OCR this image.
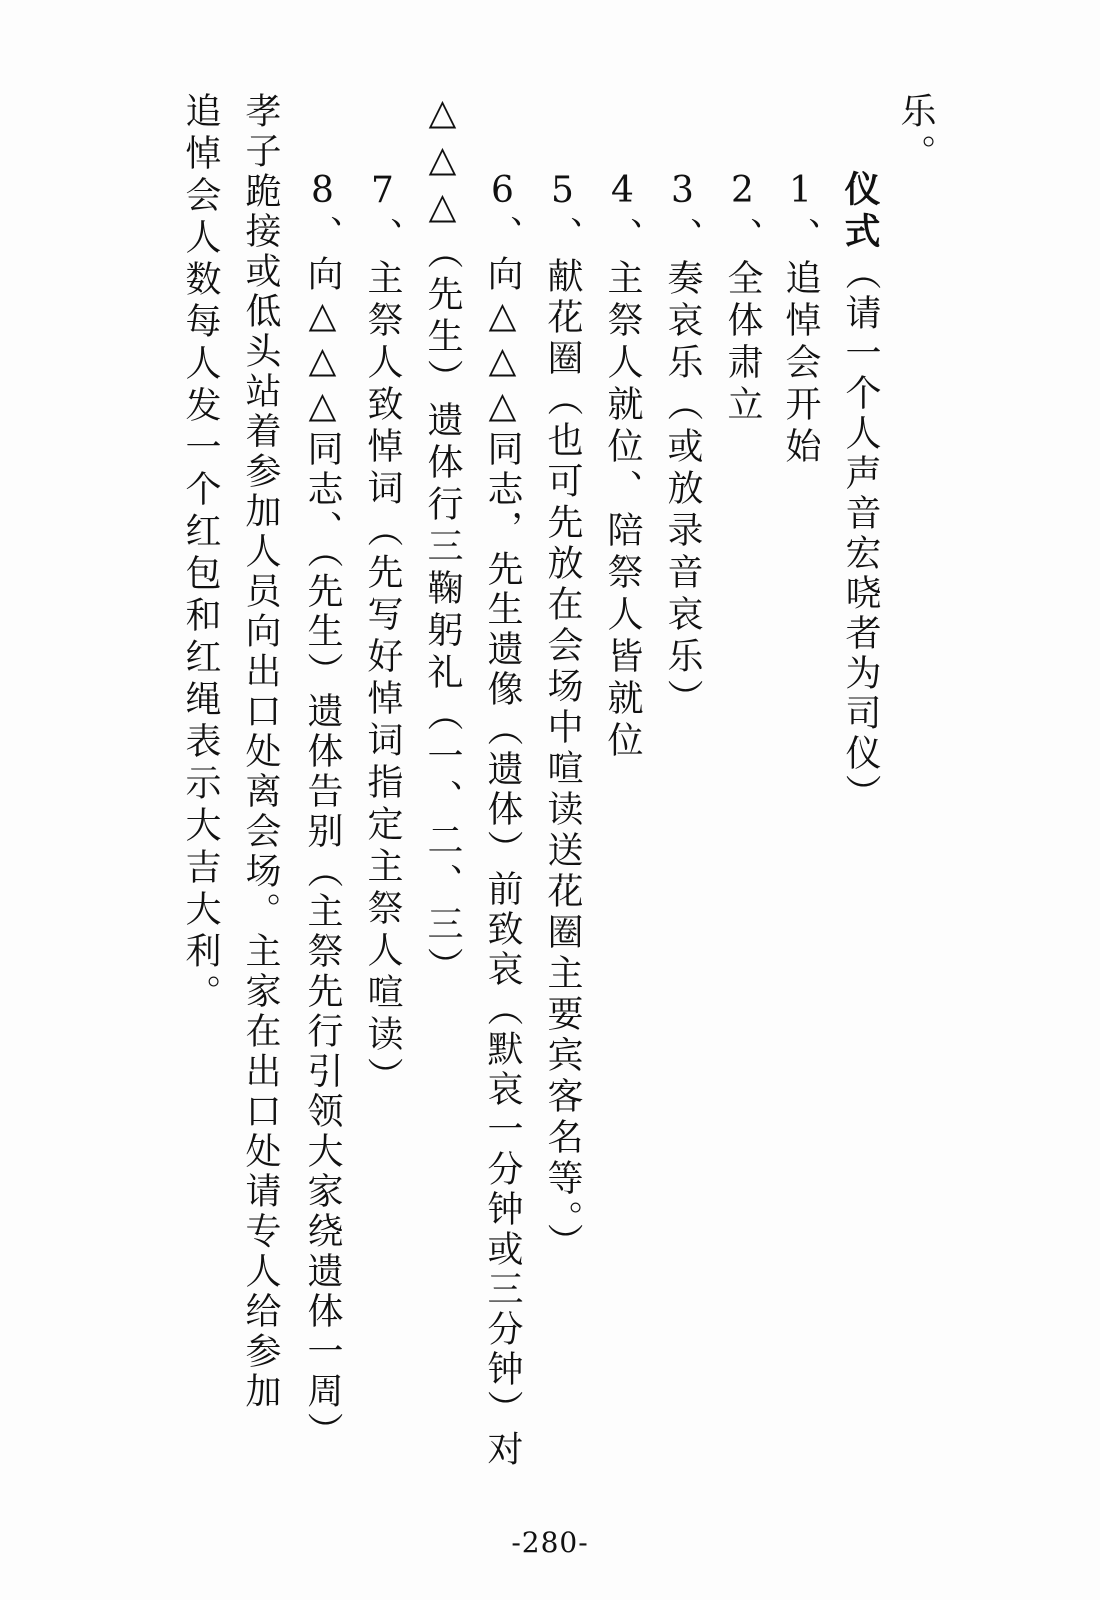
乐。
仪式（请一个人声音宏哓者为司仪）
1、追悼会开始
2、全体肃立
3、奏哀乐（或放录音哀乐）
4、主祭人就位、陪祭人皆就位
5、献花圈（也可先放在会场中喧读送花圈主要宾客名等。）
6、向△△△同志，先生遗像（遗体）前致哀（默哀一分钟或三分钟）对
△△△（先生）遗体行三鞠躬礼（一、二、三）
7、主祭人致悼词（先写好悼词指定主祭人喧读）
8、向△△△同志、（先生）遗体告别（主祭先行引领大家绕遗体一周）
孝子跪接或低头站着参加人员向出口处离会场。主家在出口处请专人给参加
追悼会人数每人发一个红包和红绳表示大吉大利。
-280-
